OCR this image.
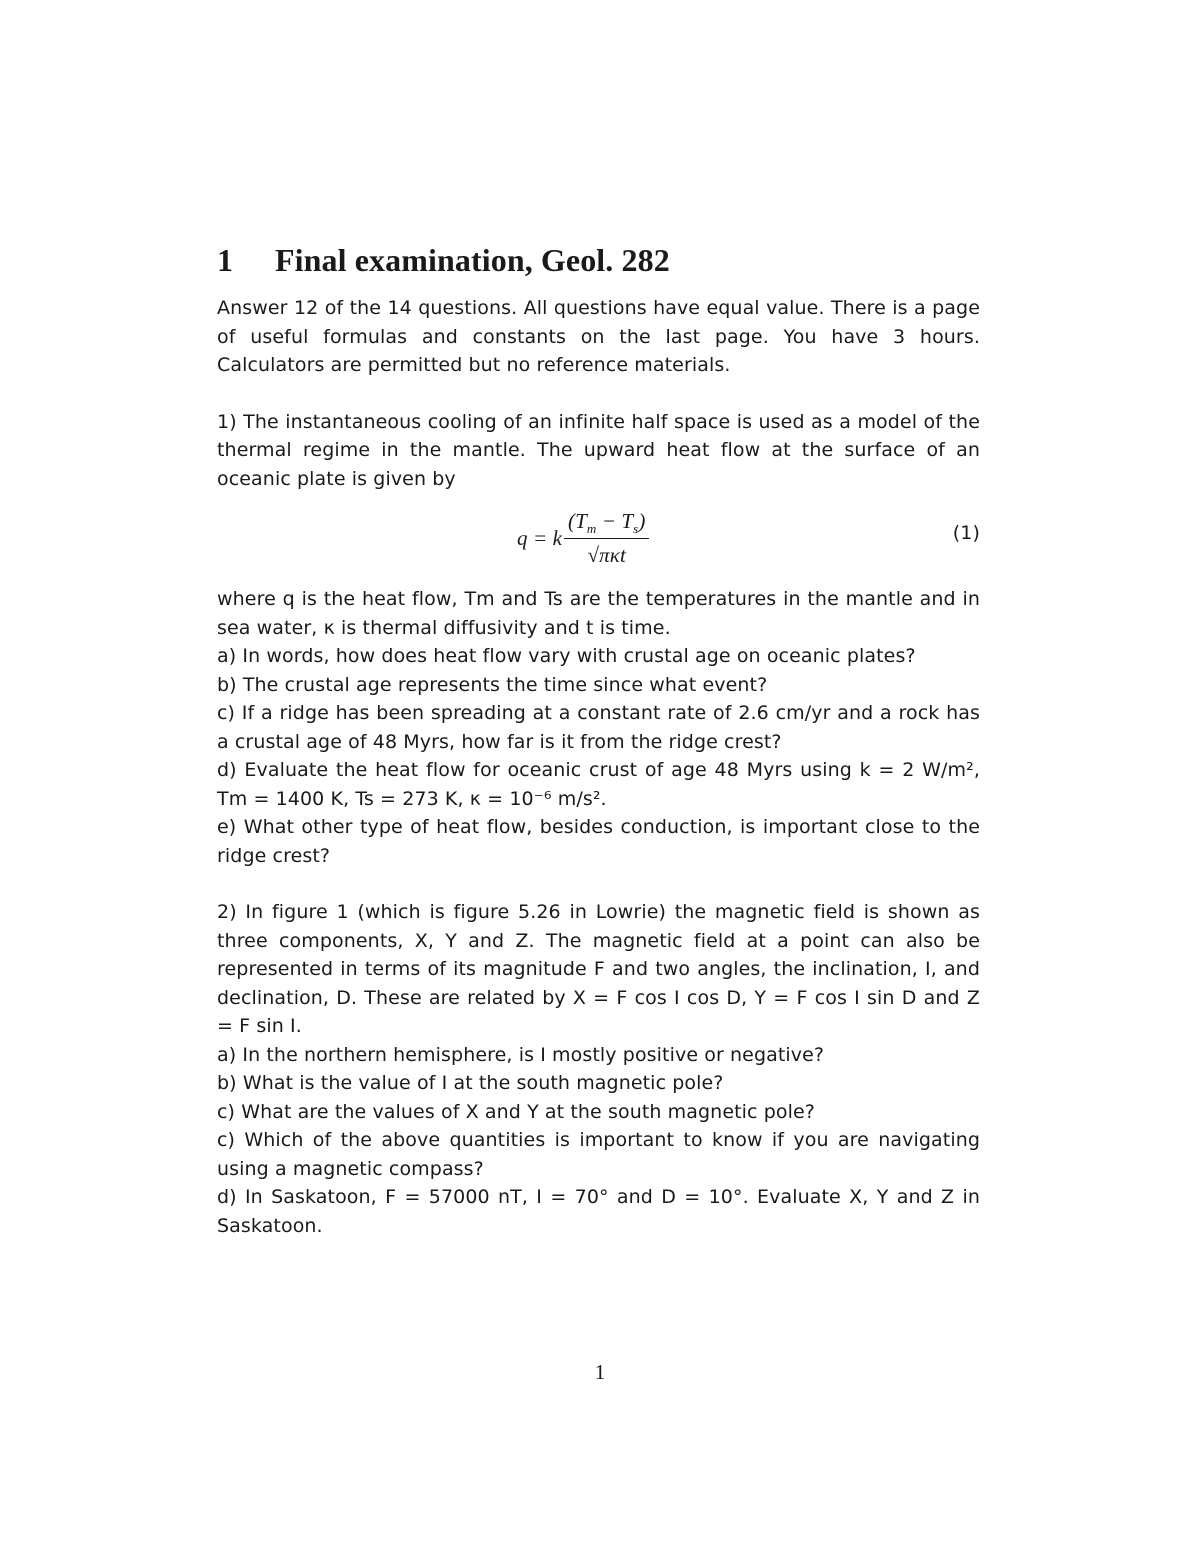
1	Final examination, Geol. 282

Answer 12 of the 14 questions. All questions have equal value. There is a page of useful formulas and constants on the last page. You have 3 hours. Calculators are permitted but no reference materials.

1) The instantaneous cooling of an infinite half space is used as a model of the thermal regime in the mantle. The upward heat flow at the surface of an oceanic plate is given by

q = k $\frac{(T_m - T_s)}{\text{√πκt}}$	(1)

where q is the heat flow, Tm and Ts are the temperatures in the mantle and in sea water, κ is thermal diffusivity and t is time.

a) In words, how does heat flow vary with crustal age on oceanic plates?

b) The crustal age represents the time since what event?

c) If a ridge has been spreading at a constant rate of 2.6 cm/yr and a rock has a crustal age of 48 Myrs, how far is it from the ridge crest?

d) Evaluate the heat flow for oceanic crust of age 48 Myrs using k = 2 W/m², Tm = 1400 K, Ts = 273 K, κ = 10⁻⁶ m/s².

e) What other type of heat flow, besides conduction, is important close to the ridge crest?

2) In figure 1 (which is figure 5.26 in Lowrie) the magnetic field is shown as three components, X, Y and Z. The magnetic field at a point can also be represented in terms of its magnitude F and two angles, the inclination, I, and declination, D. These are related by X = F cos I cos D, Y = F cos I sin D and Z = F sin I.

a) In the northern hemisphere, is I mostly positive or negative?

b) What is the value of I at the south magnetic pole?

c) What are the values of X and Y at the south magnetic pole?

c) Which of the above quantities is important to know if you are navigating using a magnetic compass?

d) In Saskatoon, F = 57000 nT, I = 70° and D = 10°. Evaluate X, Y and Z in Saskatoon.

1
